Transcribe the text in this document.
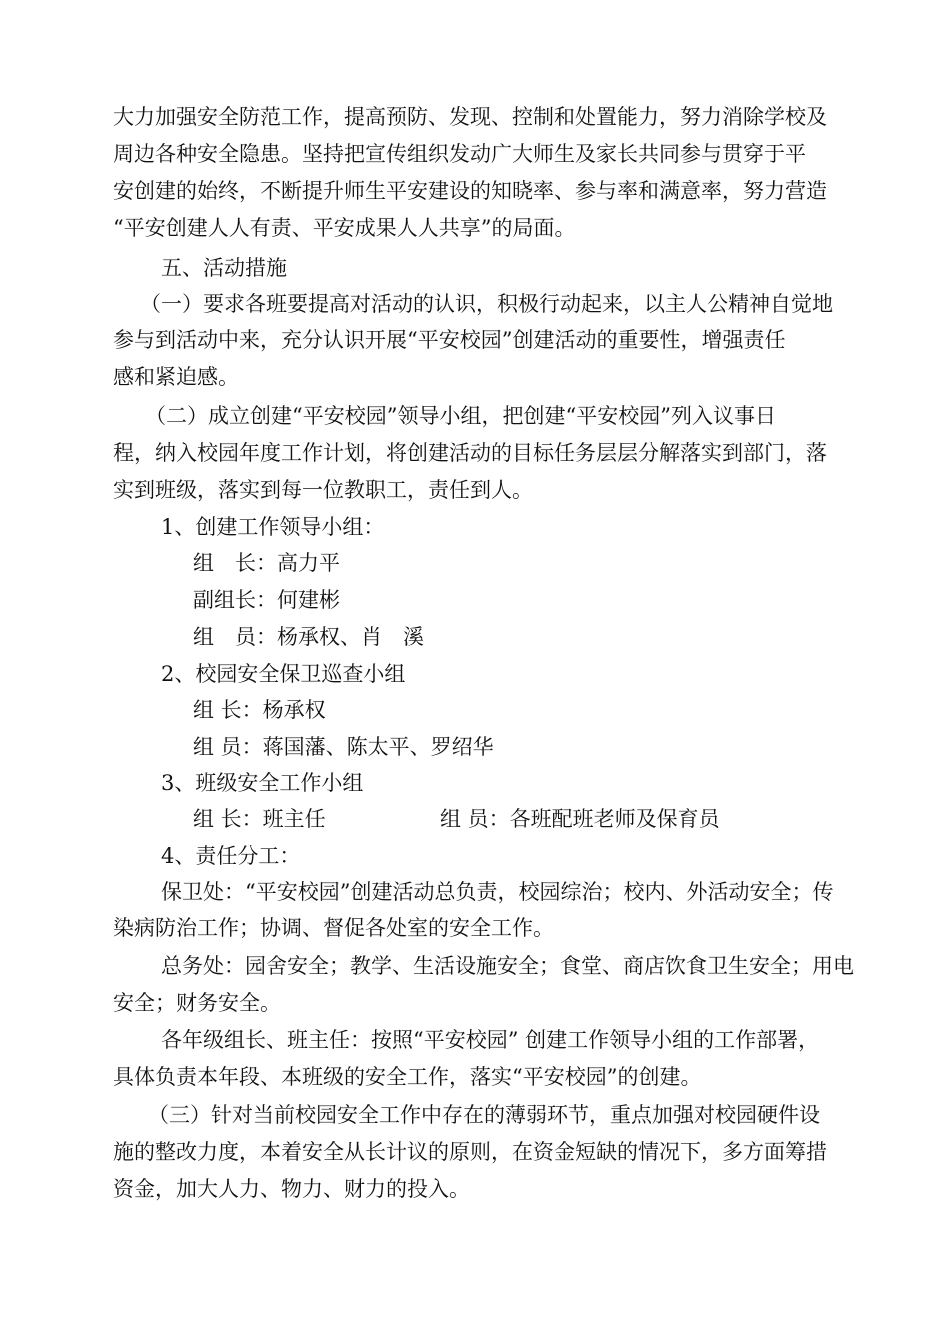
大力加强安全防范工作，提高预防、发现、控制和处置能力，努力消除学校及

周边各种安全隐患。坚持把宣传组织发动广大师生及家长共同参与贯穿于平

安创建的始终，不断提升师生平安建设的知晓率、参与率和满意率，努力营造

“平安创建人人有责、平安成果人人共享”的局面。

五、活动措施

（一）要求各班要提高对活动的认识，积极行动起来，以主人公精神自觉地

参与到活动中来，充分认识开展“平安校园”创建活动的重要性，增强责任

感和紧迫感。

（二）成立创建“平安校园”领导小组，把创建“平安校园”列入议事日

程，纳入校园年度工作计划，将创建活动的目标任务层层分解落实到部门，落

实到班级，落实到每一位教职工，责任到人。

1、创建工作领导小组：

组　长：高力平

副组长：何建彬

组　员：杨承权、肖　溪

2、校园安全保卫巡查小组

组 长：杨承权

组 员：蒋国藩、陈太平、罗绍华

3、班级安全工作小组

组 长：班主任	组 员：各班配班老师及保育员

4、责任分工：

保卫处：“平安校园”创建活动总负责，校园综治；校内、外活动安全；传

染病防治工作；协调、督促各处室的安全工作。

总务处：园舍安全；教学、生活设施安全；食堂、商店饮食卫生安全；用电

安全；财务安全。

各年级组长、班主任：按照“平安校园” 创建工作领导小组的工作部署，

具体负责本年段、本班级的安全工作，落实“平安校园”的创建。

（三）针对当前校园安全工作中存在的薄弱环节，重点加强对校园硬件设

施的整改力度，本着安全从长计议的原则，在资金短缺的情况下，多方面筹措

资金，加大人力、物力、财力的投入。
